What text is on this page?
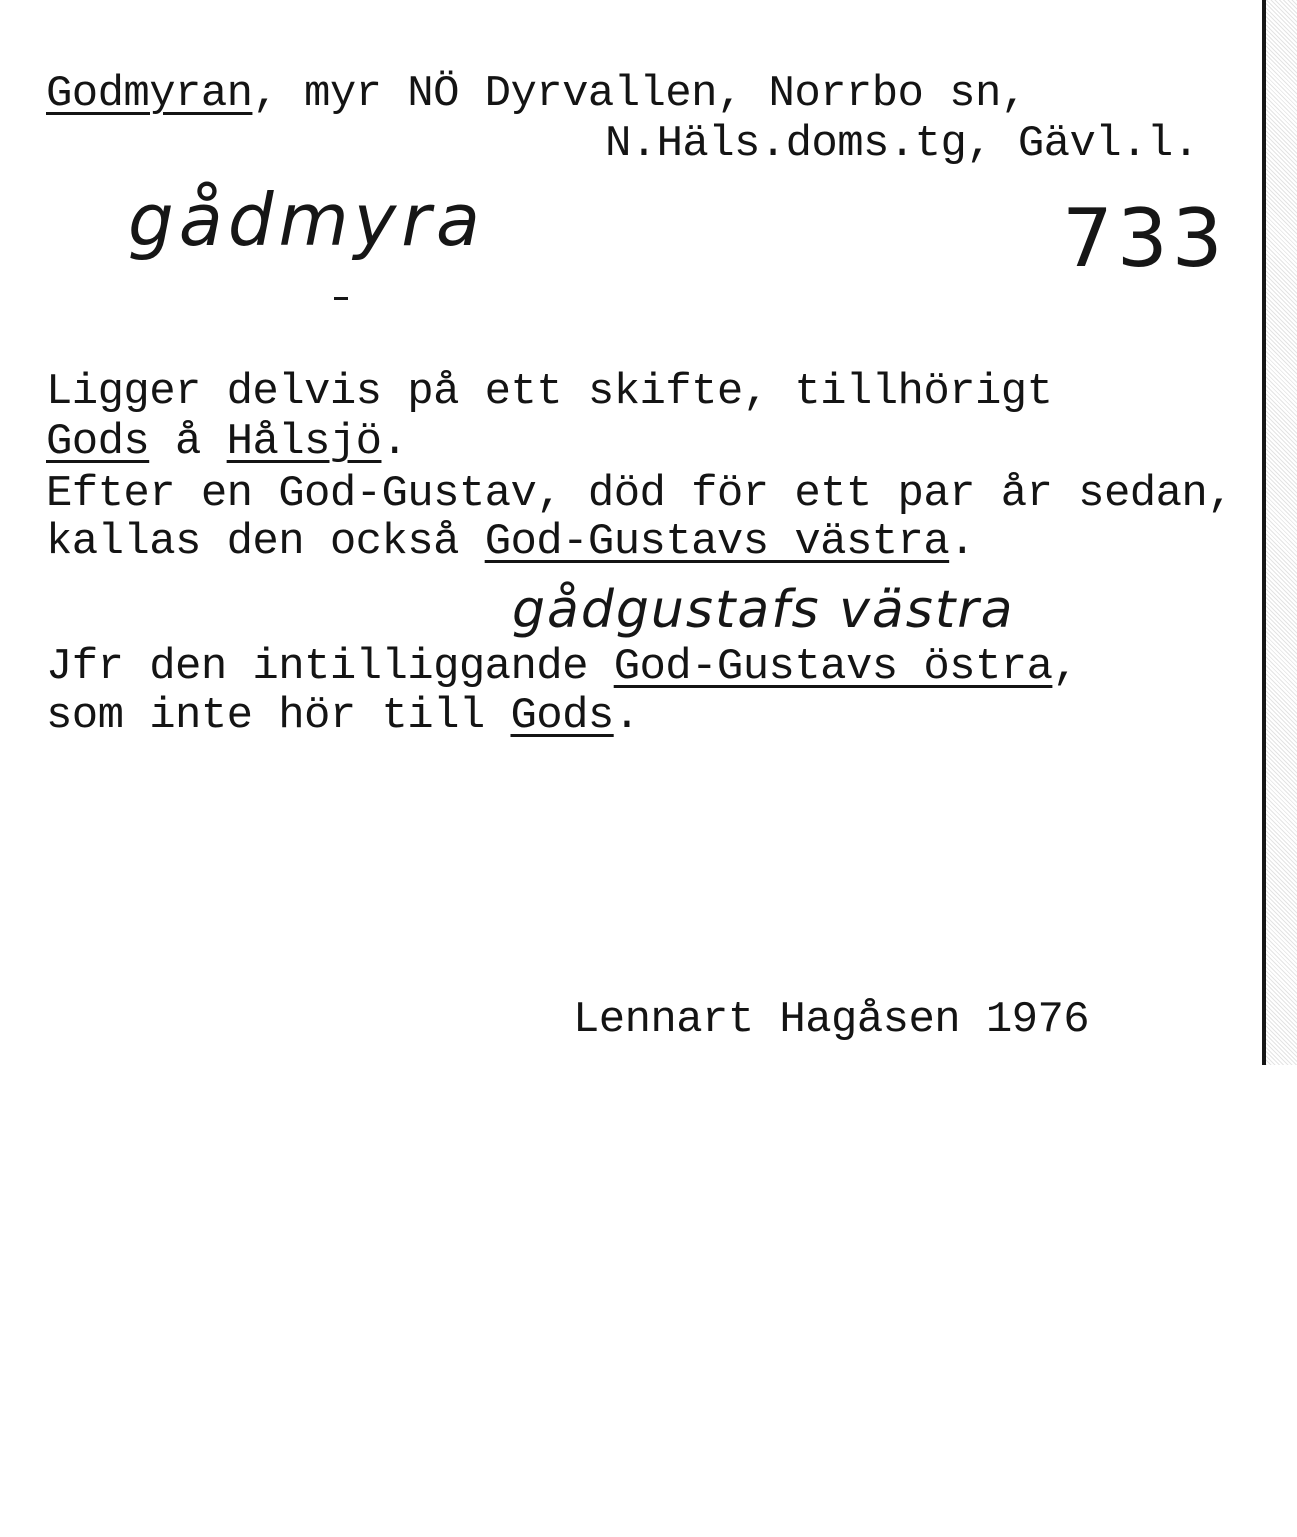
Godmyran, myr NÖ Dyrvallen, Norrbo sn,
N.Häls.doms.tg, Gävl.l.
gådmyra	733
Ligger delvis på ett skifte, tillhörigt
Gods å Hålsjö.
Efter en God-Gustav, död för ett par år sedan,
kallas den också God-Gustavs västra.
gådgustafs västra
Jfr den intilliggande God-Gustavs östra,
som inte hör till Gods.
Lennart Hagåsen 1976
